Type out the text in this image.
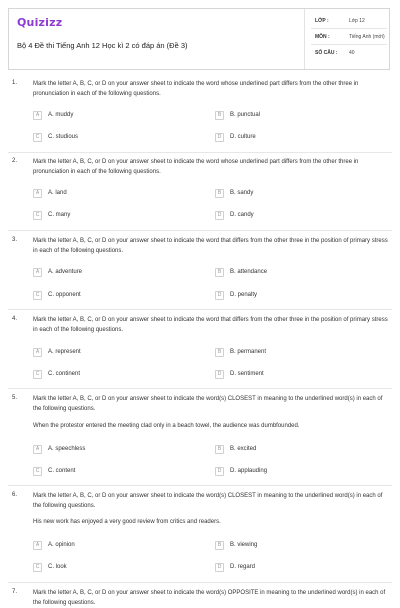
Quizizz
Bộ 4 Đề thi Tiếng Anh 12 Học kì 2 có đáp án (Đề 3)
LỚP :	Lớp 12
MÔN :	Tiếng Anh (mới)
SỐ CÂU : 40
1.	Mark the letter A, B, C, or D on your answer sheet to indicate the word whose underlined part differs from the other three in pronunciation in each of the following questions.
A	A. muddy	B	B. punctual
C	C. studious	D	D. culture
2.	Mark the letter A, B, C, or D on your answer sheet to indicate the word whose underlined part differs from the other three in pronunciation in each of the following questions.
A	A. land	B	B. sandy
C	C. many	D	D. candy
3.	Mark the letter A, B, C, or D on your answer sheet to indicate the word that differs from the other three in the position of primary stress in each of the following questions.
A	A. adventure	B	B. attendance
C	C. opponent	D	D. penalty
4.	Mark the letter A, B, C, or D on your answer sheet to indicate the word that differs from the other three in the position of primary stress in each of the following questions.
A	A. represent	B	B. permanent
C	C. continent	D	D. sentiment
5.	Mark the letter A, B, C, or D on your answer sheet to indicate the word(s) CLOSEST in meaning to the underlined word(s) in each of the following questions.
When the protestor entered the meeting clad only in a beach towel, the audience was dumbfounded.
A	A. speechless	B	B. excited
C	C. content	D	D. applauding
6.	Mark the letter A, B, C, or D on your answer sheet to indicate the word(s) CLOSEST in meaning to the underlined word(s) in each of the following questions.
His new work has enjoyed a very good review from critics and readers.
A	A. opinion	B	B. viewing
C	C. look	D	D. regard
7.	Mark the letter A, B, C, or D on your answer sheet to indicate the word(s) OPPOSITE in meaning to the underlined word(s) in each of the following questions.
